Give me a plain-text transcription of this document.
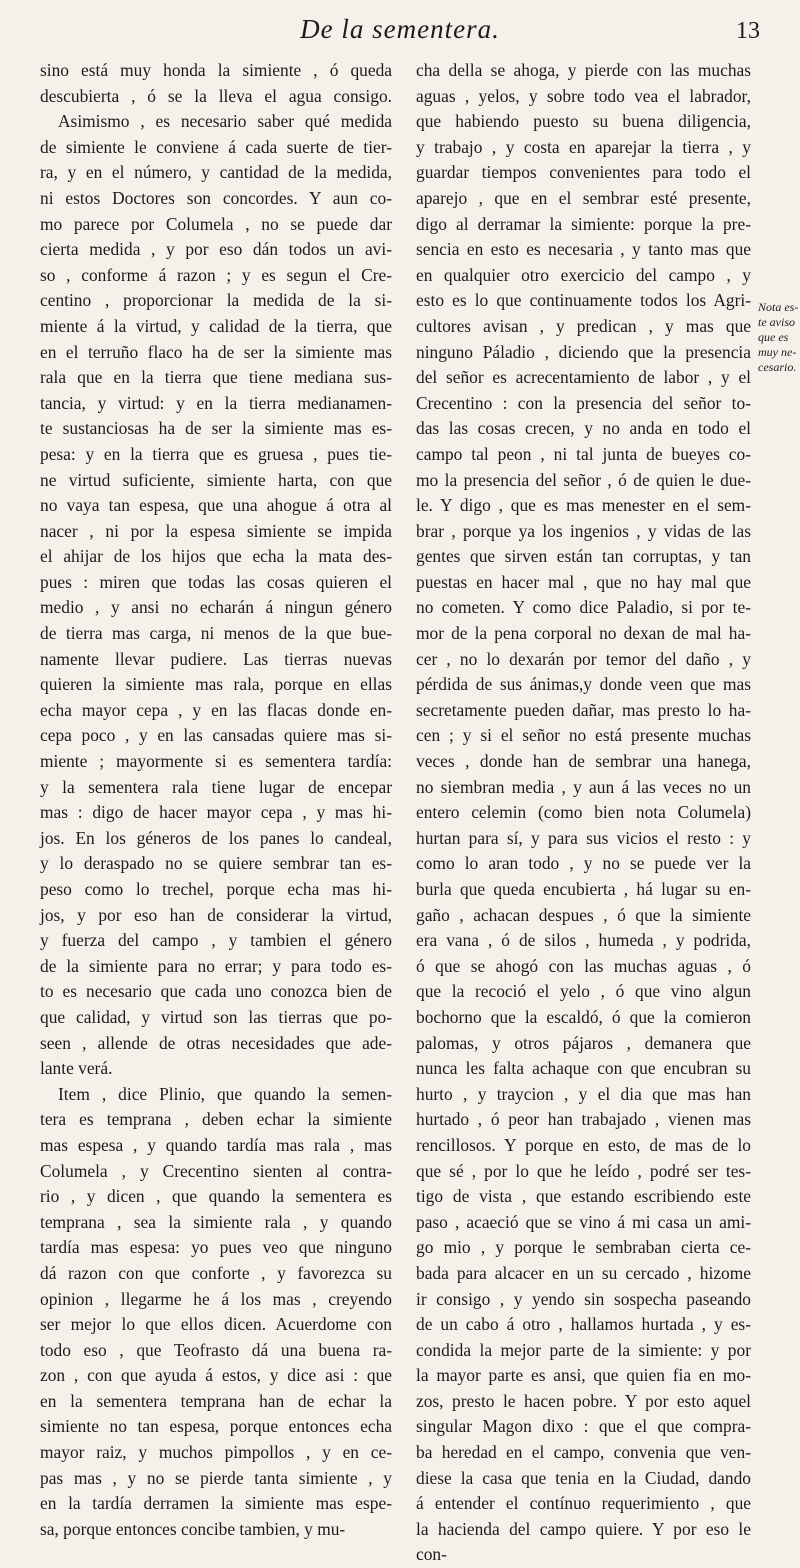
De la sementera.	13
sino está muy honda la simiente , ó queda
descubierta , ó se la lleva el agua consigo.
Asimismo , es necesario saber qué medida
de simiente le conviene á cada suerte de tier-
ra, y en el número, y cantidad de la medida,
ni estos Doctores son concordes. Y aun co-
mo parece por Columela , no se puede dar
cierta medida , y por eso dán todos un avi-
so , conforme á razon ; y es segun el Cre-
centino , proporcionar la medida de la si-
miente á la virtud, y calidad de la tierra, que
en el terruño flaco ha de ser la simiente mas
rala que en la tierra que tiene mediana sus-
tancia, y virtud: y en la tierra medianamen-
te sustanciosas ha de ser la simiente mas es-
pesa: y en la tierra que es gruesa , pues tie-
ne virtud suficiente, simiente harta, con que
no vaya tan espesa, que una ahogue á otra al
nacer , ni por la espesa simiente se impida
el ahijar de los hijos que echa la mata des-
pues : miren que todas las cosas quieren el
medio , y ansi no echarán á ningun género
de tierra mas carga, ni menos de la que bue-
namente llevar pudiere. Las tierras nuevas
quieren la simiente mas rala, porque en ellas
echa mayor cepa , y en las flacas donde en-
cepa poco , y en las cansadas quiere mas si-
miente ; mayormente si es sementera tardía:
y la sementera rala tiene lugar de encepar
mas : digo de hacer mayor cepa , y mas hi-
jos. En los géneros de los panes lo candeal,
y lo deraspado no se quiere sembrar tan es-
peso como lo trechel, porque echa mas hi-
jos, y por eso han de considerar la virtud,
y fuerza del campo , y tambien el género
de la simiente para no errar; y para todo es-
to es necesario que cada uno conozca bien de
que calidad, y virtud son las tierras que po-
seen , allende de otras necesidades que ade-
lante verá.
Item , dice Plinio, que quando la semen-
tera es temprana , deben echar la simiente
mas espesa , y quando tardía mas rala , mas
Columela , y Crecentino sienten al contra-
rio , y dicen , que quando la sementera es
temprana , sea la simiente rala , y quando
tardía mas espesa: yo pues veo que ninguno
dá razon con que conforte , y favorezca su
opinion , llegarme he á los mas , creyendo
ser mejor lo que ellos dicen. Acuerdome con
todo eso , que Teofrasto dá una buena ra-
zon , con que ayuda á estos, y dice asi : que
en la sementera temprana han de echar la
simiente no tan espesa, porque entonces echa
mayor raiz, y muchos pimpollos , y en ce-
pas mas , y no se pierde tanta simiente , y
en la tardía derramen la simiente mas espe-
sa, porque entonces concibe tambien, y mu-
cha della se ahoga, y pierde con las muchas
aguas , yelos, y sobre todo vea el labrador,
que habiendo puesto su buena diligencia,
y trabajo , y costa en aparejar la tierra , y
guardar tiempos convenientes para todo el
aparejo , que en el sembrar esté presente,
digo al derramar la simiente: porque la pre-
sencia en esto es necesaria , y tanto mas que
en qualquier otro exercicio del campo , y
esto es lo que continuamente todos los Agri-
cultores avisan , y predican , y mas que
ninguno Páladio , diciendo que la presencia
del señor es acrecentamiento de labor , y el
Crecentino : con la presencia del señor to-
das las cosas crecen, y no anda en todo el
campo tal peon , ni tal junta de bueyes co-
mo la presencia del señor , ó de quien le due-
le. Y digo , que es mas menester en el sem-
brar , porque ya los ingenios , y vidas de las
gentes que sirven están tan corruptas, y tan
puestas en hacer mal , que no hay mal que
no cometen. Y como dice Paladio, si por te-
mor de la pena corporal no dexan de mal ha-
cer , no lo dexarán por temor del daño , y
pérdida de sus ánimas,y donde veen que mas
secretamente pueden dañar, mas presto lo ha-
cen ; y si el señor no está presente muchas
veces , donde han de sembrar una hanega,
no siembran media , y aun á las veces no un
entero celemin (como bien nota Columela)
hurtan para sí, y para sus vicios el resto : y
como lo aran todo , y no se puede ver la
burla que queda encubierta , há lugar su en-
gaño , achacan despues , ó que la simiente
era vana , ó de silos , humeda , y podrida,
ó que se ahogó con las muchas aguas , ó
que la recoció el yelo , ó que vino algun
bochorno que la escaldó, ó que la comieron
palomas, y otros pájaros , demanera que
nunca les falta achaque con que encubran su
hurto , y traycion , y el dia que mas han
hurtado , ó peor han trabajado , vienen mas
rencillosos. Y porque en esto, de mas de lo
que sé , por lo que he leído , podré ser tes-
tigo de vista , que estando escribiendo este
paso , acaeció que se vino á mi casa un ami-
go mio , y porque le sembraban cierta ce-
bada para alcacer en un su cercado , hizome
ir consigo , y yendo sin sospecha paseando
de un cabo á otro , hallamos hurtada , y es-
condida la mejor parte de la simiente: y por
la mayor parte es ansi, que quien fia en mo-
zos, presto le hacen pobre. Y por esto aquel
singular Magon dixo : que el que compra-
ba heredad en el campo, convenia que ven-
diese la casa que tenia en la Ciudad, dando
á entender el contínuo requerimiento , que
la hacienda del campo quiere. Y por eso le
con-
Nota es-
te aviso
que es
muy ne-
cesario.
